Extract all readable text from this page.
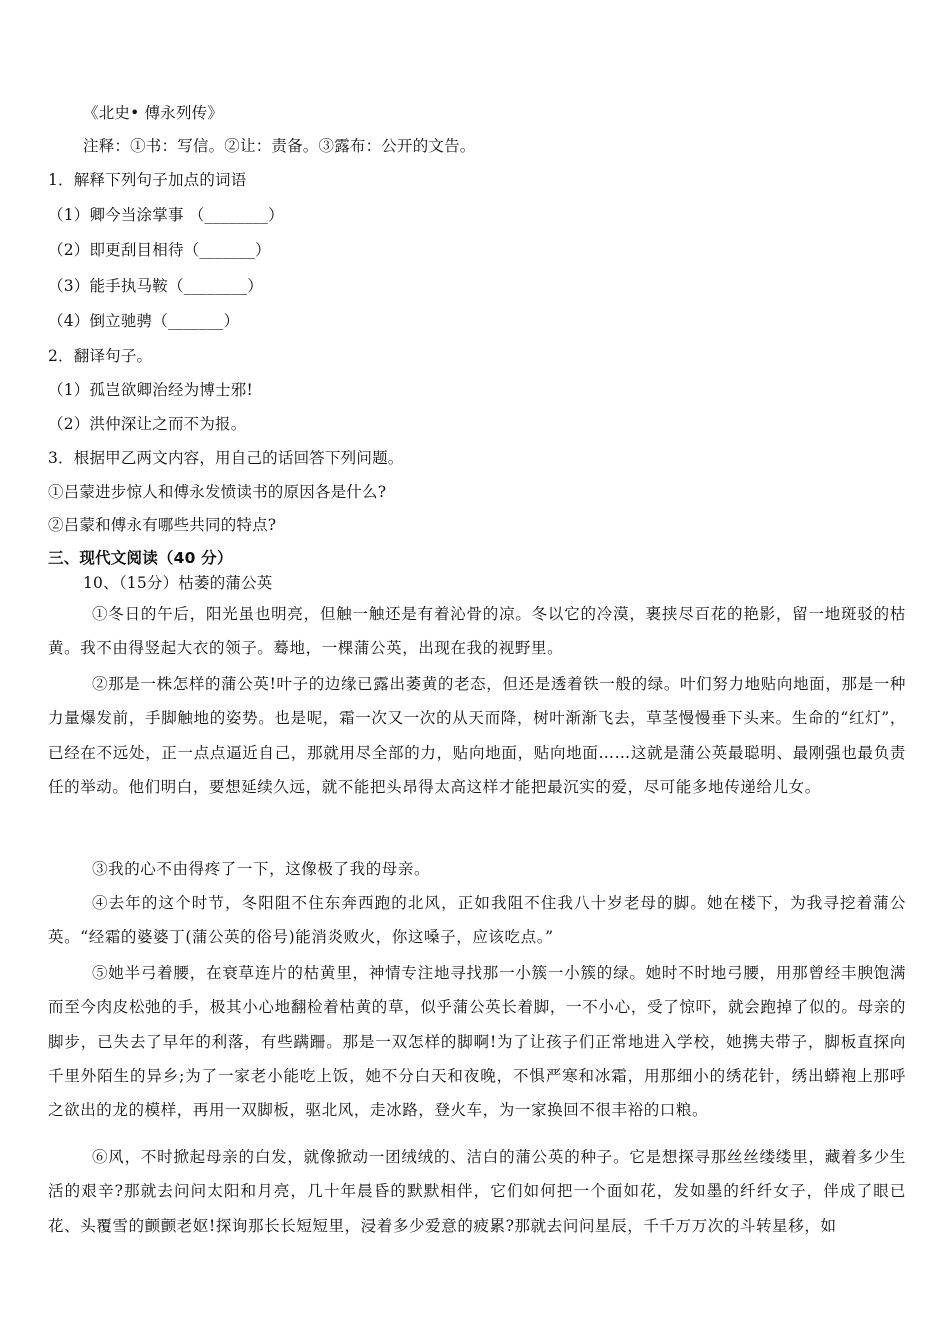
《北史• 傅永列传》
注释：①书：写信。②让：责备。③露布：公开的文告。
1．解释下列句子加点的词语
（1）卿今当涂掌事 （________）
（2）即更刮目相待（_______）
（3）能手执马鞍（________）
（4）倒立驰骋（_______）
2．翻译句子。
（1）孤岂欲卿治经为博士邪!
（2）洪仲深让之而不为报。
3．根据甲乙两文内容，用自己的话回答下列问题。
①吕蒙进步惊人和傅永发愤读书的原因各是什么?
②吕蒙和傅永有哪些共同的特点?
三、现代文阅读（40 分）
10、（15分）枯萎的蒲公英
①冬日的午后，阳光虽也明亮，但触一触还是有着沁骨的凉。冬以它的冷漠，裹挟尽百花的艳影，留一地斑驳的枯黄。我不由得竖起大衣的领子。蓦地，一棵蒲公英，出现在我的视野里。
②那是一株怎样的蒲公英!叶子的边缘已露出萎黄的老态，但还是透着铁一般的绿。叶们努力地贴向地面，那是一种力量爆发前，手脚触地的姿势。也是呢，霜一次又一次的从天而降，树叶渐渐飞去，草茎慢慢垂下头来。生命的“红灯”，已经在不远处，正一点点逼近自己，那就用尽全部的力，贴向地面，贴向地面……这就是蒲公英最聪明、最刚强也最负责任的举动。他们明白，要想延续久远，就不能把头昂得太高这样才能把最沉实的爱，尽可能多地传递给儿女。
③我的心不由得疼了一下，这像极了我的母亲。
④去年的这个时节，冬阳阻不住东奔西跑的北风，正如我阻不住我八十岁老母的脚。她在楼下，为我寻挖着蒲公英。“经霜的婆婆丁(蒲公英的俗号)能消炎败火，你这嗓子，应该吃点。”
⑤她半弓着腰，在衰草连片的枯黄里，神情专注地寻找那一小簇一小簇的绿。她时不时地弓腰，用那曾经丰腴饱满而至今肉皮松弛的手，极其小心地翻检着枯黄的草，似乎蒲公英长着脚，一不小心，受了惊吓，就会跑掉了似的。母亲的脚步，已失去了早年的利落，有些蹒跚。那是一双怎样的脚啊!为了让孩子们正常地进入学校，她携夫带子，脚板直探向千里外陌生的异乡;为了一家老小能吃上饭，她不分白天和夜晚，不惧严寒和冰霜，用那细小的绣花针，绣出蟒袍上那呼之欲出的龙的模样，再用一双脚板，驱北风，走冰路，登火车，为一家换回不很丰裕的口粮。
⑥风，不时掀起母亲的白发，就像掀动一团绒绒的、洁白的蒲公英的种子。它是想探寻那丝丝缕缕里，藏着多少生活的艰辛?那就去问问太阳和月亮，几十年晨昏的默默相伴，它们如何把一个面如花，发如墨的纤纤女子，伴成了眼已花、头覆雪的颤颤老妪!探询那长长短短里，浸着多少爱意的疲累?那就去问问星辰，千千万万次的斗转星移，如
